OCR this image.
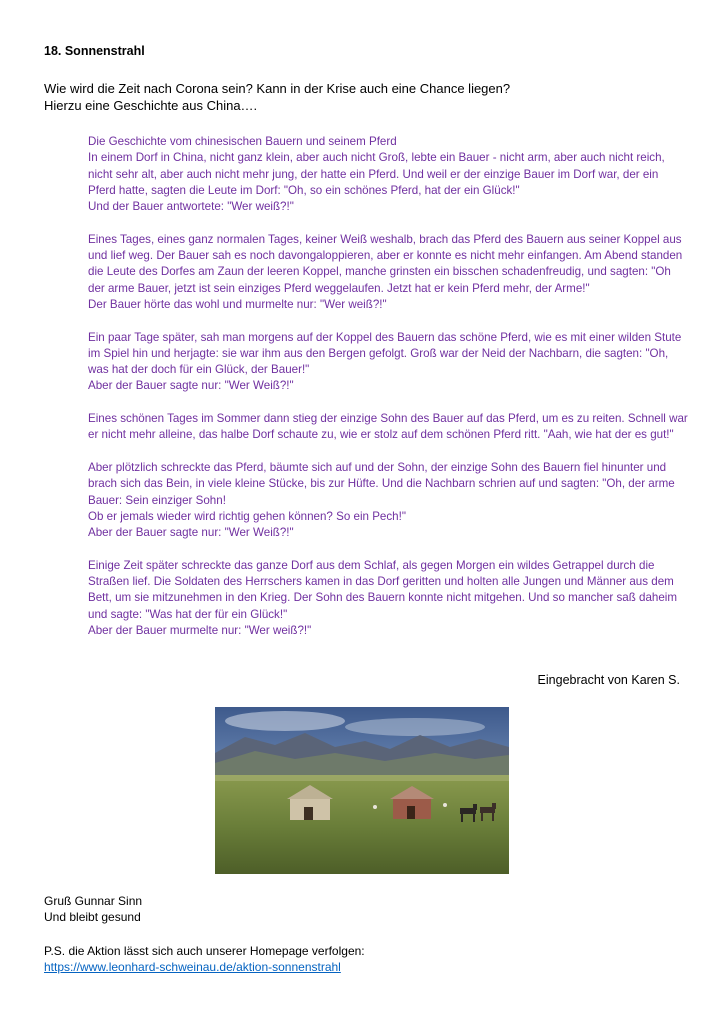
18. Sonnenstrahl
Wie wird die Zeit nach Corona sein? Kann in der Krise auch eine Chance liegen?
Hierzu eine Geschichte aus China….

Die Geschichte vom chinesischen Bauern und seinem Pferd
In einem Dorf in China, nicht ganz klein, aber auch nicht Groß, lebte ein Bauer - nicht arm, aber auch nicht reich, nicht sehr alt, aber auch nicht mehr jung, der hatte ein Pferd. Und weil er der einzige Bauer im Dorf war, der ein Pferd hatte, sagten die Leute im Dorf: "Oh, so ein schönes Pferd, hat der ein Glück!"
Und der Bauer antwortete: "Wer weiß?!"

Eines Tages, eines ganz normalen Tages, keiner Weiß weshalb, brach das Pferd des Bauern aus seiner Koppel aus und lief weg. Der Bauer sah es noch davongaloppieren, aber er konnte es nicht mehr einfangen. Am Abend standen die Leute des Dorfes am Zaun der leeren Koppel, manche grinsten ein bisschen schadenfreudig, und sagten: "Oh der arme Bauer, jetzt ist sein einziges Pferd weggelaufen. Jetzt hat er kein Pferd mehr, der Arme!"
Der Bauer hörte das wohl und murmelte nur: "Wer weiß?!"

Ein paar Tage später, sah man morgens auf der Koppel des Bauern das schöne Pferd, wie es mit einer wilden Stute im Spiel hin und herjagte: sie war ihm aus den Bergen gefolgt. Groß war der Neid der Nachbarn, die sagten: "Oh, was hat der doch für ein Glück, der Bauer!"
Aber der Bauer sagte nur: "Wer Weiß?!"

Eines schönen Tages im Sommer dann stieg der einzige Sohn des Bauer auf das Pferd, um es zu reiten. Schnell war er nicht mehr alleine, das halbe Dorf schaute zu, wie er stolz auf dem schönen Pferd ritt. "Aah, wie hat der es gut!"

Aber plötzlich schreckte das Pferd, bäumte sich auf und der Sohn, der einzige Sohn des Bauern fiel hinunter und brach sich das Bein, in viele kleine Stücke, bis zur Hüfte. Und die Nachbarn schrien auf und sagten: "Oh, der arme Bauer: Sein einziger Sohn!
Ob er jemals wieder wird richtig gehen können? So ein Pech!"
Aber der Bauer sagte nur: "Wer Weiß?!"

Einige Zeit später schreckte das ganze Dorf aus dem Schlaf, als gegen Morgen ein wildes Getrappel durch die Straßen lief. Die Soldaten des Herrschers kamen in das Dorf geritten und holten alle Jungen und Männer aus dem Bett, um sie mitzunehmen in den Krieg. Der Sohn des Bauern konnte nicht mitgehen. Und so mancher saß daheim und sagte: "Was hat der für ein Glück!"
Aber der Bauer murmelte nur: "Wer weiß?!"

Eingebracht von Karen S.
Gruß Gunnar Sinn
Und bleibt gesund
P.S. die Aktion lässt sich auch unserer Homepage verfolgen:
https://www.leonhard-schweinau.de/aktion-sonnenstrahl
